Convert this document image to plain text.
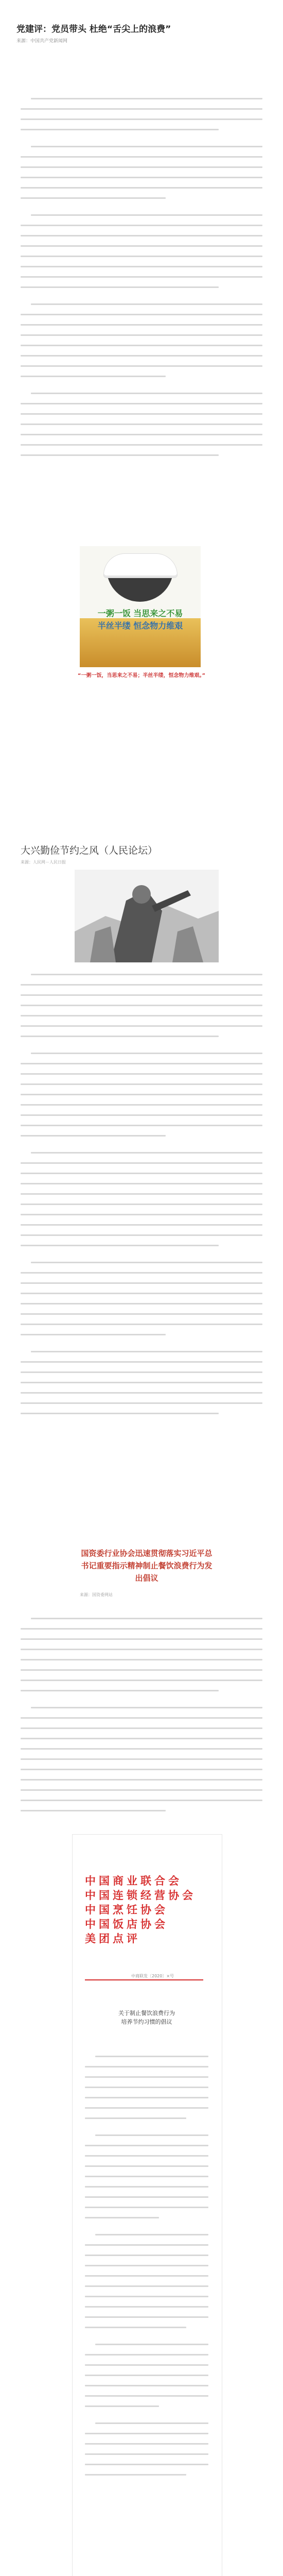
党建评：党员带头 杜绝“舌尖上的浪费”
来源：中国共产党新闻网
一粥一饭 当思来之不易
半丝半缕 恒念物力维艰
“一粥一饭，当思来之不易；半丝半缕，恒念物力维艰。”
大兴勤俭节约之风（人民论坛）
来源：人民网－人民日报
国资委行业协会迅速贯彻落实习近平总书记重要指示精神制止餐饮浪费行为发出倡议
来源：国资委网站
中国商业联合会
中国连锁经营协会
中国烹饪协会
中国饭店协会
美团点评
中商联发〔2020〕×号
关于制止餐饮浪费行为
培养节约习惯的倡议
